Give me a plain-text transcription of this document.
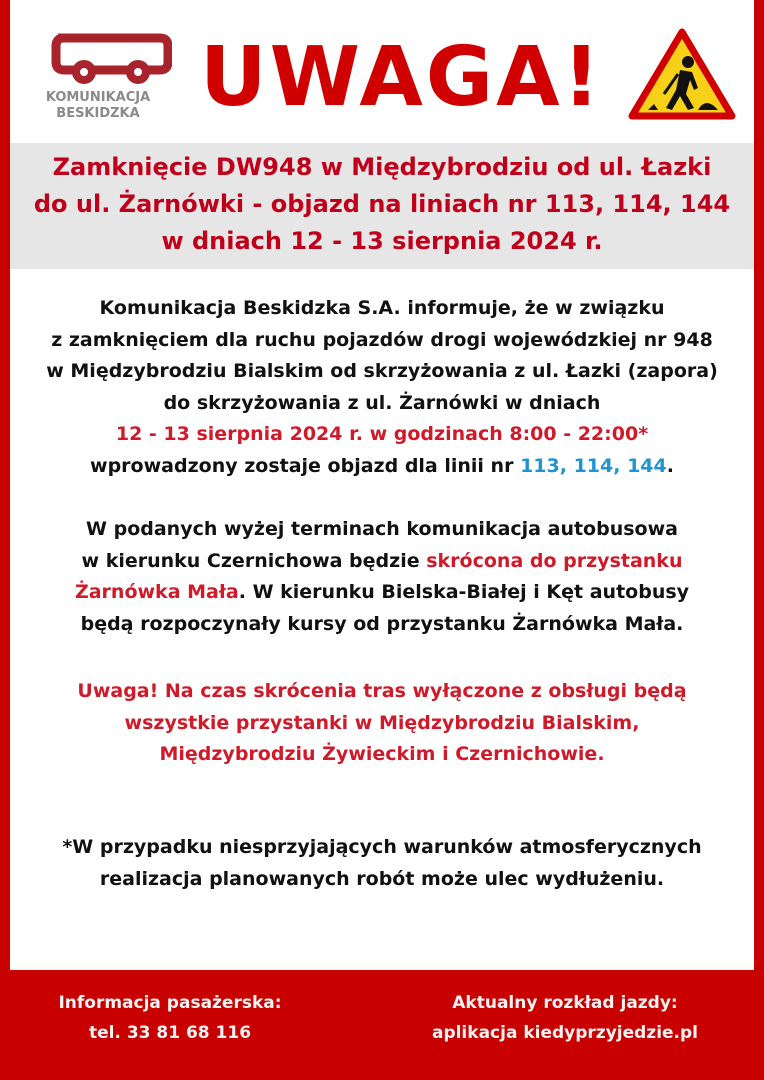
KOMUNIKACJA
BESKIDZKA UWAGA!
Zamknięcie DW948 w Międzybrodziu od ul. Łazki
do ul. Żarnówki - objazd na liniach nr 113, 114, 144
w dniach 12 - 13 sierpnia 2024 r.
Komunikacja Beskidzka S.A. informuje, że w związku
z zamknięciem dla ruchu pojazdów drogi wojewódzkiej nr 948
w Międzybrodziu Bialskim od skrzyżowania z ul. Łazki (zapora)
do skrzyżowania z ul. Żarnówki w dniach
12 - 13 sierpnia 2024 r. w godzinach 8:00 - 22:00*
wprowadzony zostaje objazd dla linii nr 113, 114, 144.
W podanych wyżej terminach komunikacja autobusowa
w kierunku Czernichowa będzie skrócona do przystanku
Żarnówka Mała. W kierunku Bielska-Białej i Kęt autobusy
będą rozpoczynały kursy od przystanku Żarnówka Mała.
Uwaga! Na czas skrócenia tras wyłączone z obsługi będą
wszystkie przystanki w Międzybrodziu Bialskim,
Międzybrodziu Żywieckim i Czernichowie.
*W przypadku niesprzyjających warunków atmosferycznych
realizacja planowanych robót może ulec wydłużeniu.
Informacja pasażerska:
tel. 33 81 68 116
Aktualny rozkład jazdy:
aplikacja kiedyprzyjedzie.pl
